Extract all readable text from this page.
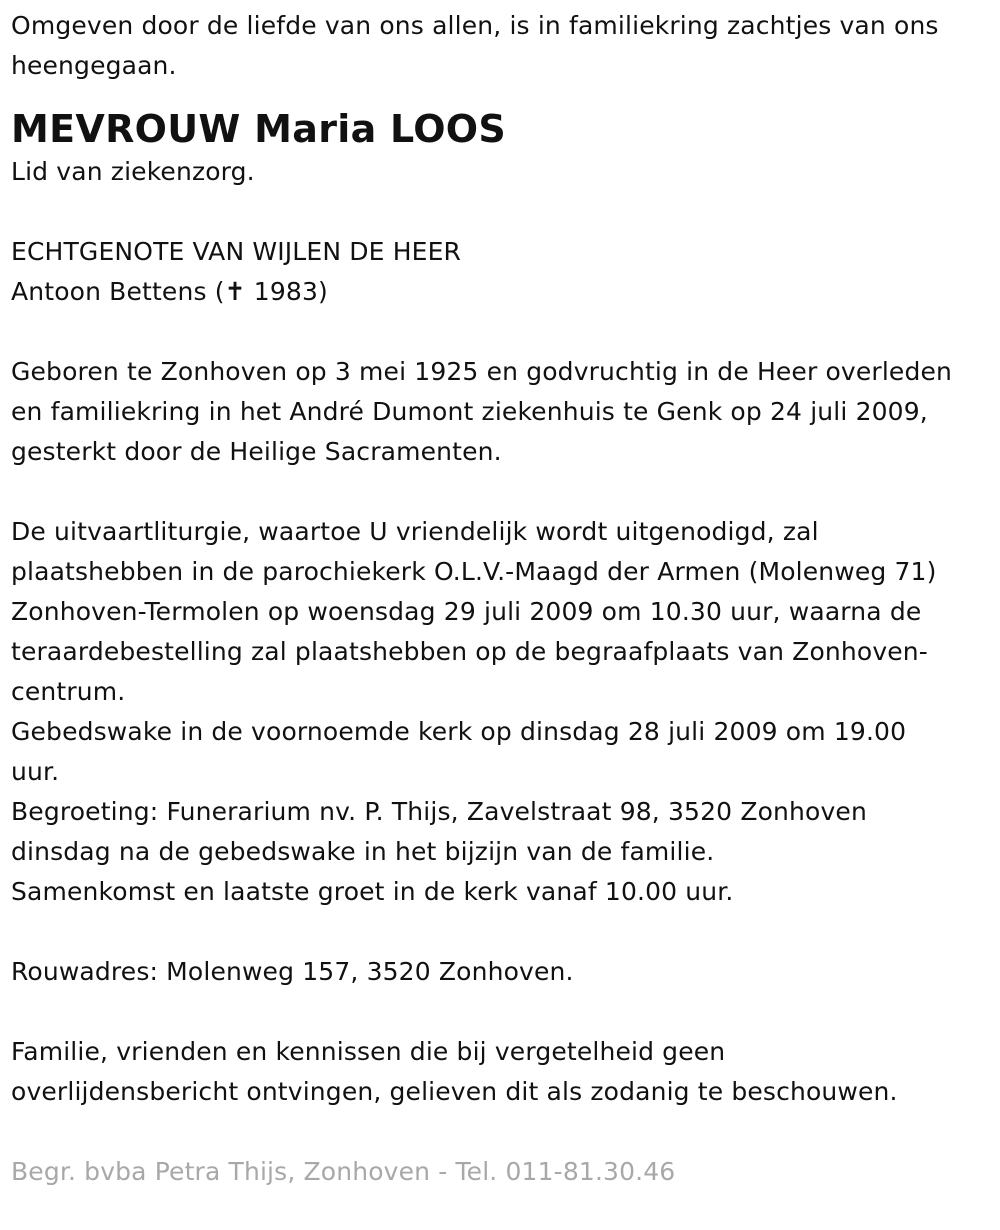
Omgeven door de liefde van ons allen, is in familiekring zachtjes van ons

heengegaan.

MEVROUW Maria LOOS

Lid van ziekenzorg.

ECHTGENOTE VAN WIJLEN DE HEER

Antoon Bettens (✝ 1983)

Geboren te Zonhoven op 3 mei 1925 en godvruchtig in de Heer overleden

en familiekring in het André Dumont ziekenhuis te Genk op 24 juli 2009,

gesterkt door de Heilige Sacramenten.

De uitvaartliturgie, waartoe U vriendelijk wordt uitgenodigd, zal

plaatshebben in de parochiekerk O.L.V.-Maagd der Armen (Molenweg 71)

Zonhoven-Termolen op woensdag 29 juli 2009 om 10.30 uur, waarna de

teraardebestelling zal plaatshebben op de begraafplaats van Zonhoven-

centrum.

Gebedswake in de voornoemde kerk op dinsdag 28 juli 2009 om 19.00

uur.

Begroeting: Funerarium nv. P. Thijs, Zavelstraat 98, 3520 Zonhoven

dinsdag na de gebedswake in het bijzijn van de familie.

Samenkomst en laatste groet in de kerk vanaf 10.00 uur.

Rouwadres: Molenweg 157, 3520 Zonhoven.

Familie, vrienden en kennissen die bij vergetelheid geen

overlijdensbericht ontvingen, gelieven dit als zodanig te beschouwen.

Begr. bvba Petra Thijs, Zonhoven - Tel. 011-81.30.46
